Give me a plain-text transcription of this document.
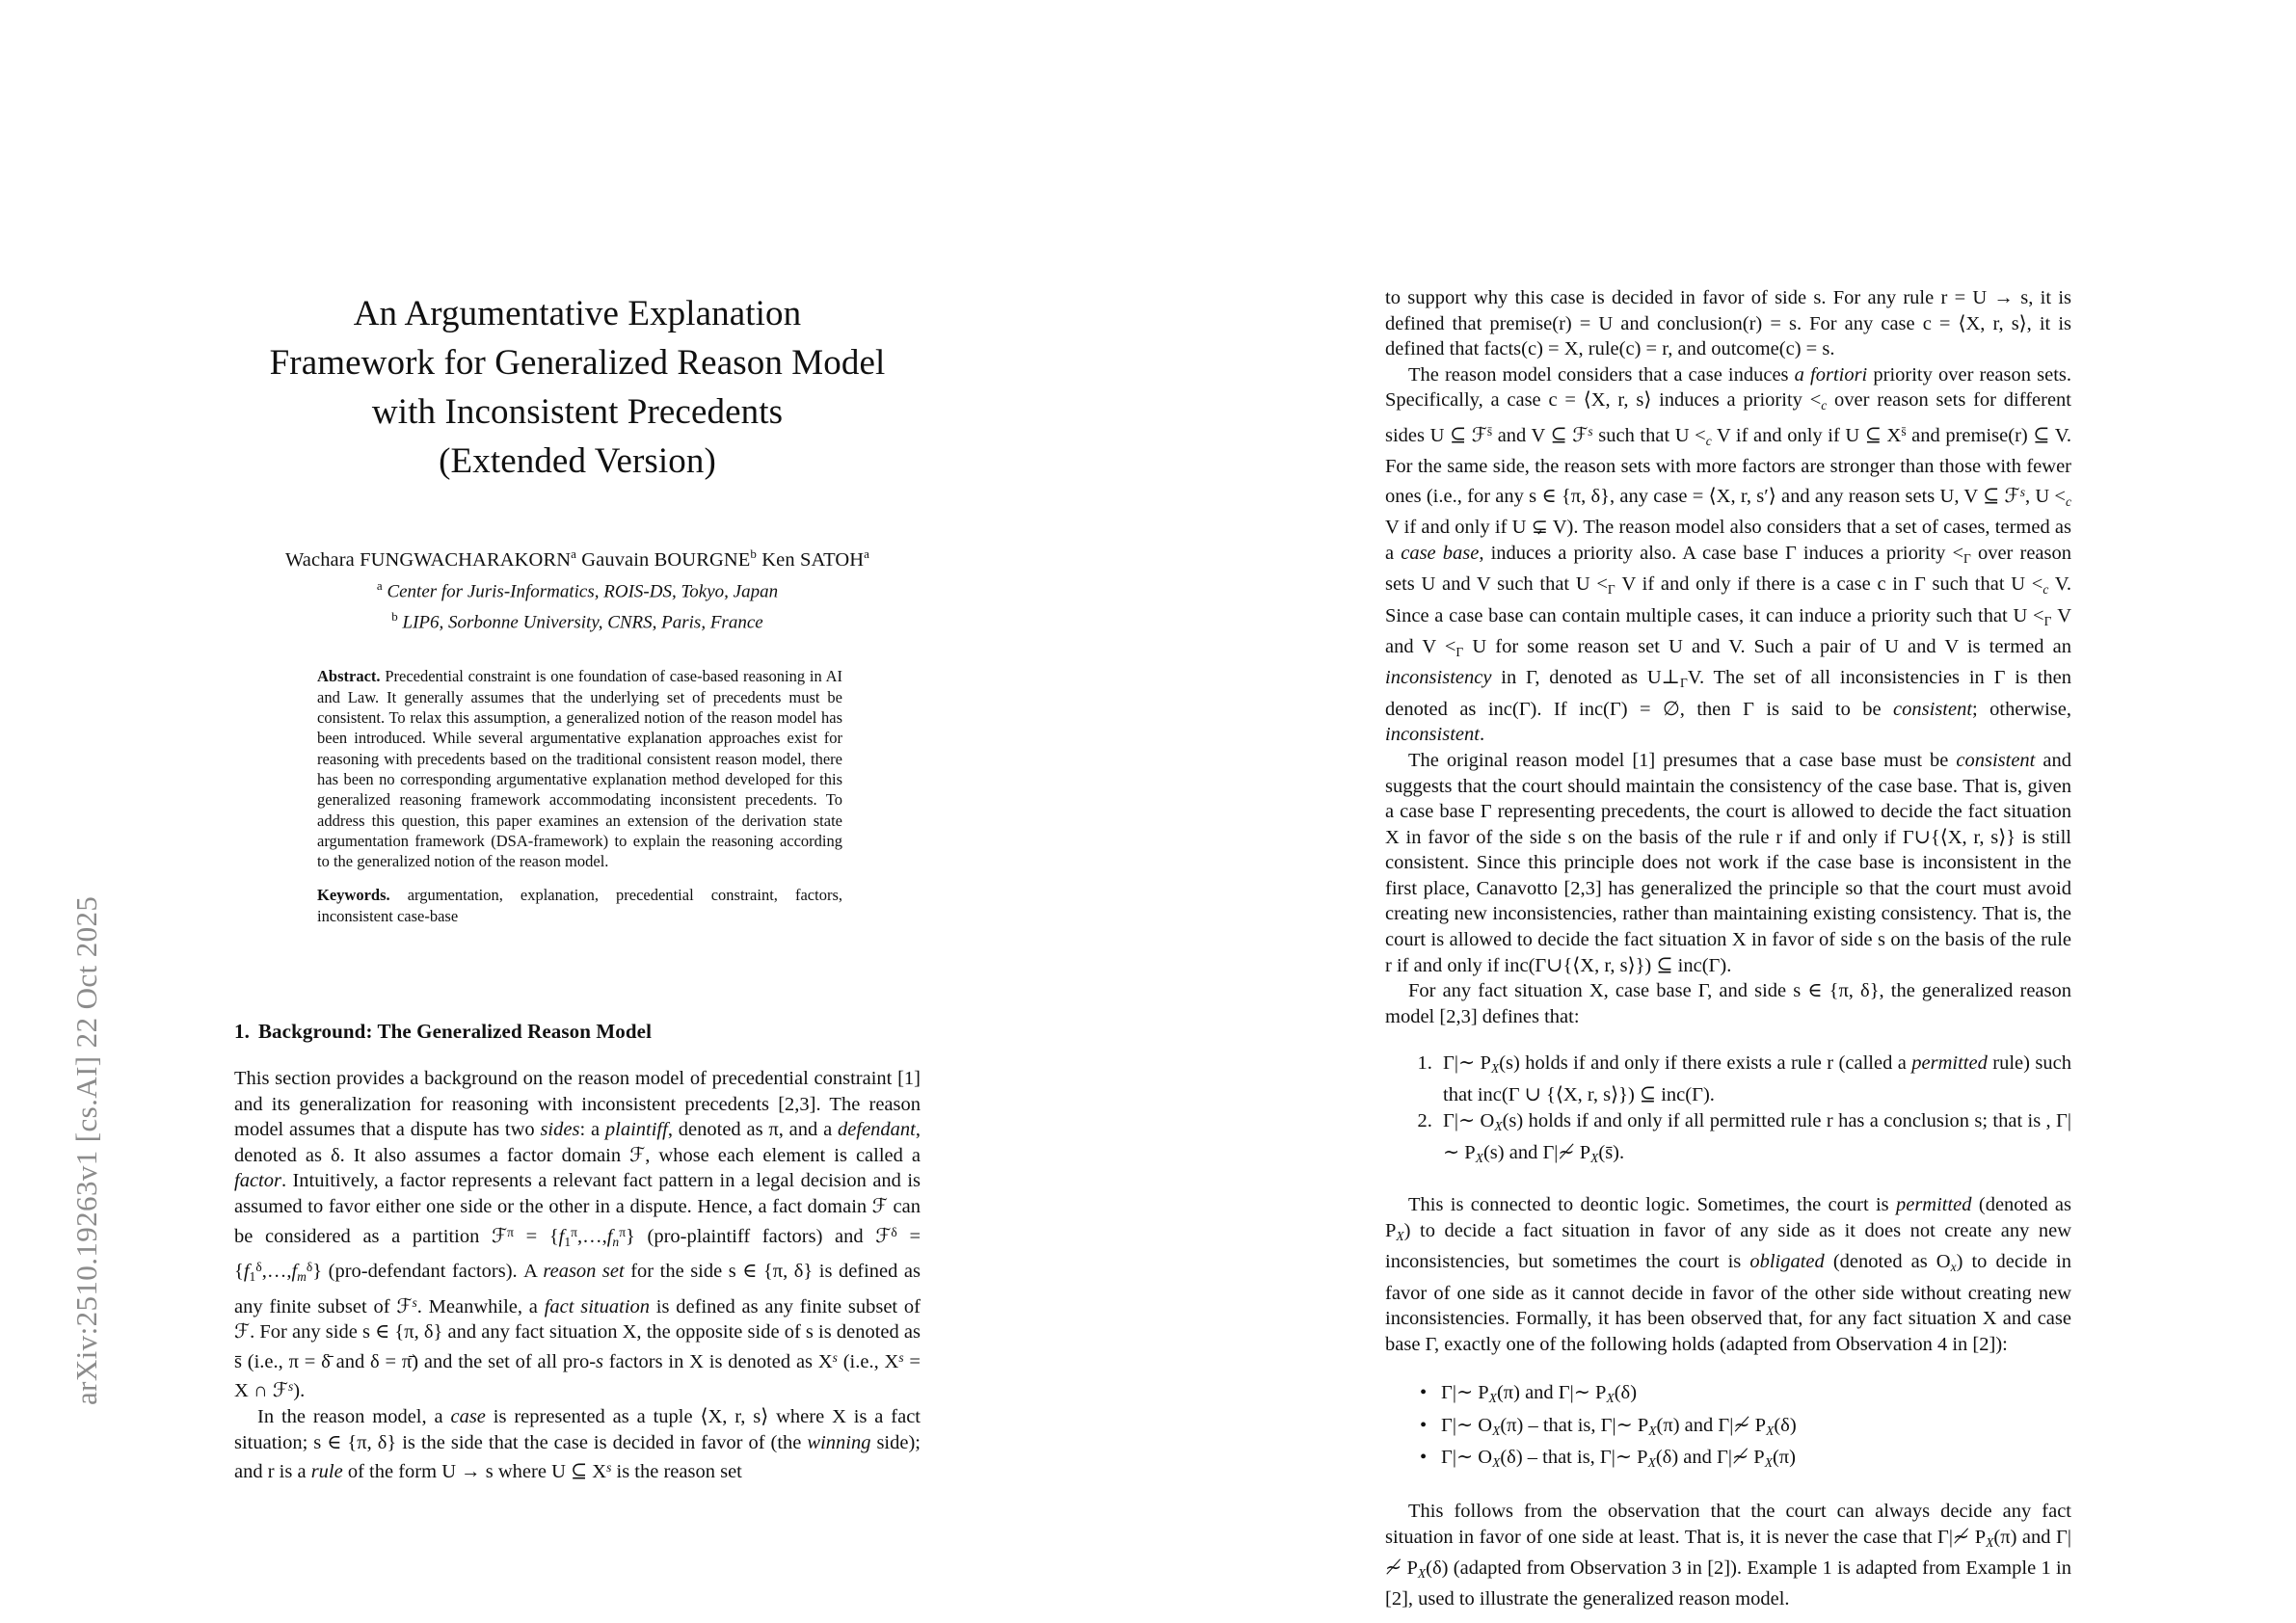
arXiv:2510.19263v1 [cs.AI] 22 Oct 2025
An Argumentative Explanation
Framework for Generalized Reason Model
with Inconsistent Precedents
(Extended Version)
Wachara FUNGWACHARAKORN$^a$ Gauvain BOURGNE$^b$ Ken SATOH$^a$
$^a$ Center for Juris-Informatics, ROIS-DS, Tokyo, Japan
$^b$ LIP6, Sorbonne University, CNRS, Paris, France

Abstract. Precedential constraint is one foundation of case-based reasoning in AI and Law. It generally assumes that the underlying set of precedents must be consistent. To relax this assumption, a generalized notion of the reason model has been introduced. While several argumentative explanation approaches exist for reasoning with precedents based on the traditional consistent reason model, there has been no corresponding argumentative explanation method developed for this generalized reasoning framework accommodating inconsistent precedents. To address this question, this paper examines an extension of the derivation state argumentation framework (DSA-framework) to explain the reasoning according to the generalized notion of the reason model.

Keywords. argumentation, explanation, precedential constraint, factors, inconsistent case-base

1. Background: The Generalized Reason Model

This section provides a background on the reason model of precedential constraint [1] and its generalization for reasoning with inconsistent precedents [2,3]. The reason model assumes that a dispute has two sides: a plaintiff, denoted as π, and a defendant, denoted as δ. It also assumes a factor domain ℱ, whose each element is called a factor. Intuitively, a factor represents a relevant fact pattern in a legal decision and is assumed to favor either one side or the other in a dispute. Hence, a fact domain ℱ can be considered as a partition ℱ$^\pi$ = $\{f_1^\pi,\dots,f_n^\pi\}$ (pro-plaintiff factors) and ℱ$^\delta$ = $\{f_1^\delta,\dots,f_m^\delta\}$ (pro-defendant factors). A reason set for the side s ∈ {π, δ} is defined as any finite subset of ℱ$^s$. Meanwhile, a fact situation is defined as any finite subset of ℱ. For any side s ∈ {π, δ} and any fact situation X, the opposite side of s is denoted as s̄ (i.e., π = δ̄ and δ = π̄) and the set of all pro-s factors in X is denoted as $X^s$ (i.e., $X^s = X$ ∩ ℱ$^s$).

In the reason model, a case is represented as a tuple ⟨X, r, s⟩ where X is a fact situation; s ∈ {π, δ} is the side that the case is decided in favor of (the winning side); and r is a rule of the form U → s where U ⊆ $X^s$ is the reason set

to support why this case is decided in favor of side s. For any rule r = U → s, it is defined that premise(r) = U and conclusion(r) = s. For any case c = ⟨X, r, s⟩, it is defined that facts(c) = X, rule(c) = r, and outcome(c) = s.

The reason model considers that a case induces a fortiori priority over reason sets. Specifically, a case c = ⟨X, r, s⟩ induces a priority $<_c$ over reason sets for different sides U ⊆ ℱ$^{s̄}$ and V ⊆ ℱ$^s$ such that $U <_c$ V if and only if U ⊆ $X^{s̄}$ and premise(r) ⊆ V. For the same side, the reason sets with more factors are stronger than those with fewer ones (i.e., for any s ∈ {π, δ}, any case = ⟨X, r, s′⟩ and any reason sets U, V ⊆ ℱ$^s$, $U <_c$ V if and only if U ⊊ V). The reason model also considers that a set of cases, termed as a case base, induces a priority also. A case base Γ induces a priority $<_\Gamma$ over reason sets U and V such that $U <_\Gamma$ V if and only if there is a case c in Γ such that $U <_c$ V. Since a case base can contain multiple cases, it can induce a priority such that $U <_\Gamma$ V and $V <_\Gamma$ U for some reason set U and V. Such a pair of U and V is termed an inconsistency in Γ, denoted as $U\perp_\Gamma V$. The set of all inconsistencies in Γ is then denoted as inc(Γ). If inc(Γ) = ∅, then Γ is said to be consistent; otherwise, inconsistent.

The original reason model [1] presumes that a case base must be consistent and suggests that the court should maintain the consistency of the case base. That is, given a case base Γ representing precedents, the court is allowed to decide the fact situation X in favor of the side s on the basis of the rule r if and only if Γ∪{⟨X, r, s⟩} is still consistent. Since this principle does not work if the case base is inconsistent in the first place, Canavotto [2,3] has generalized the principle so that the court must avoid creating new inconsistencies, rather than maintaining existing consistency. That is, the court is allowed to decide the fact situation X in favor of side s on the basis of the rule r if and only if inc(Γ∪{⟨X, r, s⟩}) ⊆ inc(Γ).

For any fact situation X, case base Γ, and side s ∈ {π, δ}, the generalized reason model [2,3] defines that:

1. Γ|∼ $P_X(s)$ holds if and only if there exists a rule r (called a permitted rule) such that inc(Γ ∪ {⟨X, r, s⟩}) ⊆ inc(Γ).
2. Γ|∼ $O_X(s)$ holds if and only if all permitted rule r has a conclusion s; that is , Γ|∼ $P_X(s)$ and Γ|≁ $P_X(s̄)$.

This is connected to deontic logic. Sometimes, the court is permitted (denoted as $P_X$) to decide a fact situation in favor of any side as it does not create any new inconsistencies, but sometimes the court is obligated (denoted as $O_x$) to decide in favor of one side as it cannot decide in favor of the other side without creating new inconsistencies. Formally, it has been observed that, for any fact situation X and case base Γ, exactly one of the following holds (adapted from Observation 4 in [2]):

• Γ|∼ $P_X(\pi)$ and Γ|∼ $P_X(\delta)$
• Γ|∼ $O_X(\pi)$ – that is, Γ|∼ $P_X(\pi)$ and Γ|≁ $P_X(\delta)$
• Γ|∼ $O_X(\delta)$ – that is, Γ|∼ $P_X(\delta)$ and Γ|≁ $P_X(\pi)$

This follows from the observation that the court can always decide any fact situation in favor of one side at least. That is, it is never the case that Γ|≁ $P_X(\pi)$ and Γ|≁ $P_X(\delta)$ (adapted from Observation 3 in [2]). Example 1 is adapted from Example 1 in [2], used to illustrate the generalized reason model.
